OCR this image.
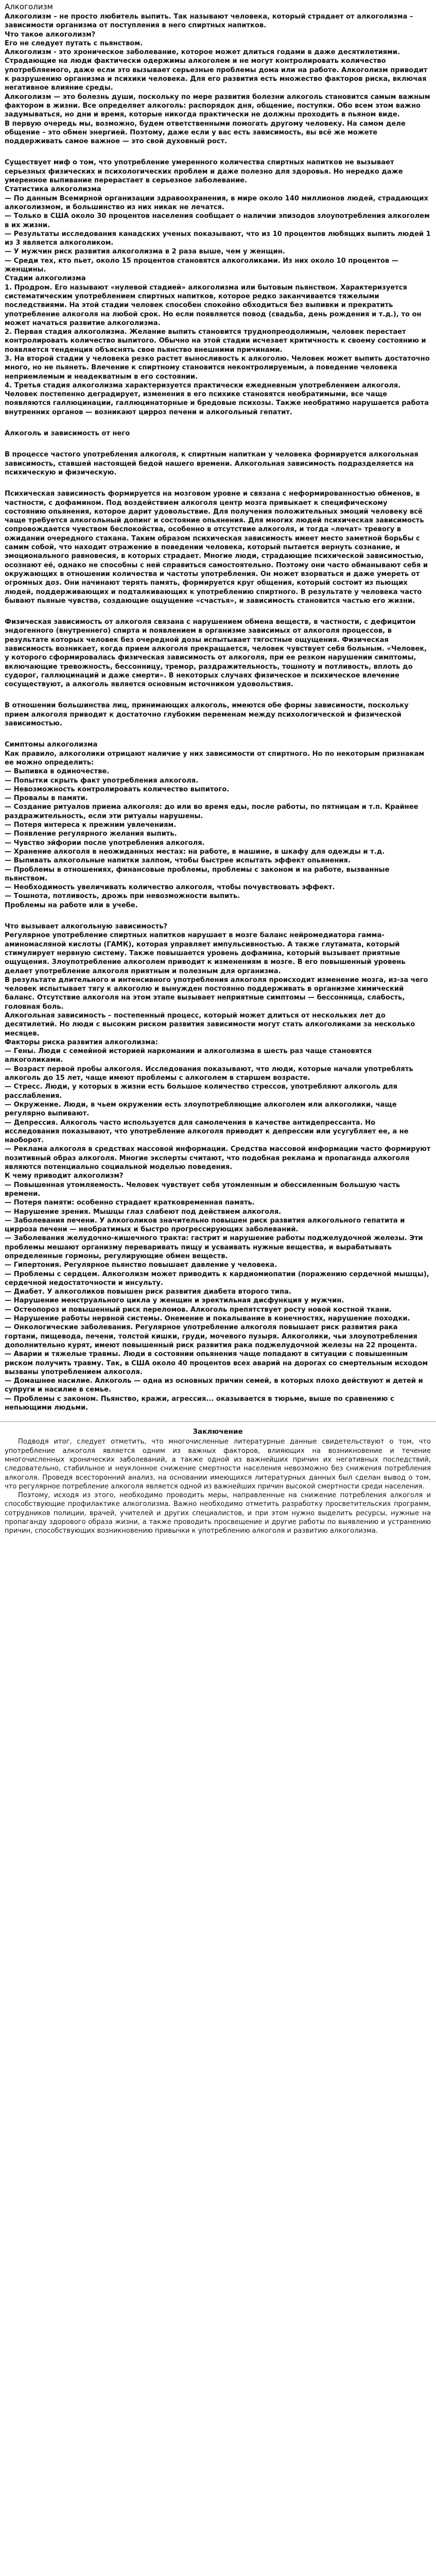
Алкоголизм
Алкоголизм – не просто любитель выпить. Так называют человека, который страдает от алкоголизма – зависимости организма от поступления в него спиртных напитков.
Что такое алкоголизм?
Его не следует путать с пьянством.
Алкоголизм - это хроническое заболевание, которое может длиться годами в даже десятилетиями. Страдающие на люди фактически одержимы алкоголем и не могут контролировать количество употребляемого, даже если это вызывает серьезные проблемы дома или на работе. Алкоголизм приводит к разрушению организма и психики человека. Для его развития есть множество факторов риска, включая негативное влияние среды.
Алкоголизм — это болезнь души, поскольку по мере развития болезни алкоголь становится самым важным фактором в жизни. Все определяет алкоголь: распорядок дня, общение, поступки. Обо всем этом важно задумываться, но дни и время, которые никогда практически не должны проходить в пьяном виде.
В первую очередь мы, возможно, будем ответственными помогать другому человеку. На самом деле общение – это обмен энергией. Поэтому, даже если у вас есть зависимость, вы всё же можете поддерживать самое важное — это свой духовный рост.
Существует миф о том, что употребление умеренного количества спиртных напитков не вызывает серьезных физических и психологических проблем и даже полезно для здоровья. Но нередко даже умеренное выпивание перерастает в серьезное заболевание.
Статистика алкоголизма
— По данным Всемирной организации здравоохранения, в мире около 140 миллионов людей, страдающих алкоголизмом, и большинство из них никак не лечатся.
— Только в США около 30 процентов населения сообщает о наличии эпизодов злоупотребления алкоголем в их жизни.
— Результаты исследования канадских ученых показывают, что из 10 процентов любящих выпить людей 1 из 3 является алкоголиком.
— У мужчин риск развития алкоголизма в 2 раза выше, чем у женщин.
— Среди тех, кто пьет, около 15 процентов становятся алкоголиками. Из них около 10 процентов — женщины.
Стадии алкоголизма
1. Продром. Его называют «нулевой стадией» алкоголизма или бытовым пьянством. Характеризуется систематическим употреблением спиртных напитков, которое редко заканчивается тяжелыми последствиями. На этой стадии человек способен спокойно обходиться без выпивки и прекратить употребление алкоголя на любой срок. Но если появляется повод (свадьба, день рождения и т.д.), то он может начаться развитие алкоголизма.
2. Первая стадия алкоголизма. Желание выпить становится труднопреодолимым, человек перестает контролировать количество выпитого. Обычно на этой стадии исчезает критичность к своему состоянию и появляется тенденция объяснять свое пьянство внешними причинами.
3. На второй стадии у человека резко растет выносливость к алкоголю. Человек может выпить достаточно много, но не пьянеть. Влечение к спиртному становится неконтролируемым, а поведение человека неприемлемым и неадекватным в его состоянии.
4. Третья стадия алкоголизма характеризуется практически ежедневным употреблением алкоголя. Человек постепенно деградирует, изменения в его психике становятся необратимыми, все чаще появляются галлюцинации, галлюцинаторные и бредовые психозы. Также необратимо нарушается работа внутренних органов — возникают цирроз печени и алкогольный гепатит.
Алкоголь и зависимость от него
В процессе частого употребления алкоголя, к спиртным напиткам у человека формируется алкогольная зависимость, ставшей настоящей бедой нашего времени. Алкогольная зависимость подразделяется на психическую и физическую.
Психическая зависимость формируется на мозговом уровне и связана с неформированностью обменов, в частности, с дофамином. Под воздействием алкоголя центр мозга привыкает к специфическому состоянию опьянения, которое дарит удовольствие. Для получения положительных эмоций человеку всё чаще требуется алкогольный допинг и состояние опьянения. Для многих людей психическая зависимость сопровождается чувством беспокойства, особенно в отсутствие алкоголя, и тогда «лечат» тревогу в ожидании очередного стакана. Таким образом психическая зависимость имеет место заметной борьбы с самим собой, что находит отражение в поведении человека, который пытается вернуть сознание, и эмоционального равновесия, в которых страдает. Многие люди, страдающие психической зависимостью, осознают её, однако не способны с ней справиться самостоятельно. Поэтому они часто обманывают себя и окружающих в отношении количества и частоты употребления. Он может взорваться и даже умереть от огромных доз. Они начинают терять память, формируется круг общения, который состоит из пьющих людей, поддерживающих и подталкивающих к употреблению спиртного. В результате у человека часто бывают пьяные чувства, создающие ощущение «счастья», и зависимость становится частью его жизни.
Физическая зависимость от алкоголя связана с нарушением обмена веществ, в частности, с дефицитом эндогенного (внутреннего) спирта и появлением в организме зависимых от алкоголя процессов, в результате которых человек без очередной дозы испытывает тягостные ощущения. Физическая зависимость возникает, когда прием алкоголя прекращается, человек чувствует себя больным. «Человек, у которого сформировалась физическая зависимость от алкоголя, при ее резком нарушении симптомы, включающие тревожность, бессонницу, тремор, раздражительность, тошноту и потливость, вплоть до судорог, галлюцинаций и даже смерти». В некоторых случаях физическое и психическое влечение сосуществуют, а алкоголь является основным источником удовольствия.
В отношении большинства лиц, принимающих алкоголь, имеются обе формы зависимости, поскольку прием алкоголя приводит к достаточно глубоким переменам между психологической и физической зависимостью.
Симптомы алкоголизма
Как правило, алкоголики отрицают наличие у них зависимости от спиртного. Но по некоторым признакам ее можно определить:
— Выпивка в одиночестве.
— Попытки скрыть факт употребления алкоголя.
— Невозможность контролировать количество выпитого.
— Провалы в памяти.
— Создание ритуалов приема алкоголя: до или во время еды, после работы, по пятницам и т.п. Крайнее раздражительность, если эти ритуалы нарушены.
— Потеря интереса к прежним увлечениям.
— Появление регулярного желания выпить.
— Чувство эйфории после употребления алкоголя.
— Хранение алкоголя в неожиданных местах: на работе, в машине, в шкафу для одежды и т.д.
— Выпивать алкогольные напитки залпом, чтобы быстрее испытать эффект опьянения.
— Проблемы в отношениях, финансовые проблемы, проблемы с законом и на работе, вызванные пьянством.
— Необходимость увеличивать количество алкоголя, чтобы почувствовать эффект.
— Тошнота, потливость, дрожь при невозможности выпить.
Проблемы на работе или в учебе.
Что вызывает алкогольную зависимость?
Регулярное употребление спиртных напитков нарушает в мозге баланс нейромедиатора гамма-аминомасляной кислоты (ГАМК), которая управляет импульсивностью. А также глутамата, который стимулирует нервную систему. Также повышается уровень дофамина, который вызывает приятные ощущения. Злоупотребление алкоголем приводит к изменениям в мозге. В его повышенный уровень делает употребление алкоголя приятным и полезным для организма.
В результате длительного и интенсивного употребления алкоголя происходит изменение мозга, из-за чего человек испытывает тягу к алкоголю и вынужден постоянно поддерживать в организме химический баланс. Отсутствие алкоголя на этом этапе вызывает неприятные симптомы — бессонница, слабость, головная боль.
Алкогольная зависимость – постепенный процесс, который может длиться от нескольких лет до десятилетий. Но люди с высоким риском развития зависимости могут стать алкоголиками за несколько месяцев.
Факторы риска развития алкоголизма:
— Гены. Люди с семейной историей наркомании и алкоголизма в шесть раз чаще становятся алкоголиками.
— Возраст первой пробы алкоголя. Исследования показывают, что люди, которые начали употреблять алкоголь до 15 лет, чаще имеют проблемы с алкоголем в старшем возрасте.
— Стресс. Люди, у которых в жизни есть большое количество стрессов, употребляют алкоголь для расслабления.
— Окружение. Люди, в чьем окружении есть злоупотребляющие алкоголем или алкоголики, чаще регулярно выпивают.
— Депрессия. Алкоголь часто используется для самолечения в качестве антидепрессанта. Но исследования показывают, что употребление алкоголя приводит к депрессии или усугубляет ее, а не наоборот.
— Реклама алкоголя в средствах массовой информации. Средства массовой информации часто формируют позитивный образ алкоголя. Многие эксперты считают, что подобная реклама и пропаганда алкоголя являются потенциально социальной моделью поведения.
К чему приводит алкоголизм?
— Повышенная утомляемость. Человек чувствует себя утомленным и обессиленным большую часть времени.
— Потеря памяти: особенно страдает кратковременная память.
— Нарушение зрения. Мышцы глаз слабеют под действием алкоголя.
— Заболевания печени. У алкоголиков значительно повышен риск развития алкогольного гепатита и цирроза печени — необратимых и быстро прогрессирующих заболеваний.
— Заболевания желудочно-кишечного тракта: гастрит и нарушение работы поджелудочной железы. Эти проблемы мешают организму переваривать пищу и усваивать нужные вещества, и вырабатывать определенные гормоны, регулирующие обмен веществ.
— Гипертония. Регулярное пьянство повышает давление у человека.
— Проблемы с сердцем. Алкоголизм может приводить к кардиомиопатии (поражению сердечной мышцы), сердечной недостаточности и инсульту.
— Диабет. У алкоголиков повышен риск развития диабета второго типа.
— Нарушение менструального цикла у женщин и эректильная дисфункция у мужчин.
— Остеопороз и повышенный риск переломов. Алкоголь препятствует росту новой костной ткани.
— Нарушение работы нервной системы. Онемение и покалывание в конечностях, нарушение походки.
— Онкологические заболевания. Регулярное употребление алкоголя повышает риск развития рака гортани, пищевода, печени, толстой кишки, груди, мочевого пузыря. Алкоголики, чьи злоупотребления дополнительно курят, имеют повышенный риск развития рака поджелудочной железы на 22 процента.
— Аварии и тяжелые травмы. Люди в состоянии опьянения чаще попадают в ситуации с повышенным риском получить травму. Так, в США около 40 процентов всех аварий на дорогах со смертельным исходом вызваны употреблением алкоголя.
— Домашнее насилие. Алкоголь — одна из основных причин семей, в которых плохо действуют и детей и супруги и насилие в семье.
— Проблемы с законом. Пьянство, кражи, агрессия... оказывается в тюрьме, выше по сравнению с непьющими людьми.
Заключение
Подводя итог, следует отметить, что многочисленные литературные данные свидетельствуют о том, что употребление алкоголя является одним из важных факторов, влияющих на возникновение и течение многочисленных хронических заболеваний, а также одной из важнейших причин их негативных последствий, следовательно, стабильное и неуклонное снижение смертности населения невозможно без снижения потребления алкоголя. Проведя всесторонний анализ, на основании имеющихся литературных данных был сделан вывод о том, что регулярное потребление алкоголя является одной из важнейших причин высокой смертности среди населения.
Поэтому, исходя из этого, необходимо проводить меры, направленные на снижение потребления алкоголя и способствующие профилактике алкоголизма. Важно необходимо отметить разработку просветительских программ, сотрудников полиции, врачей, учителей и других специалистов, и при этом нужно выделить ресурсы, нужные на пропаганду здорового образа жизни, а также проводить просвещение и другие работы по выявлению и устранению причин, способствующих возникновению привычки к употреблению алкоголя и развитию алкоголизма.
